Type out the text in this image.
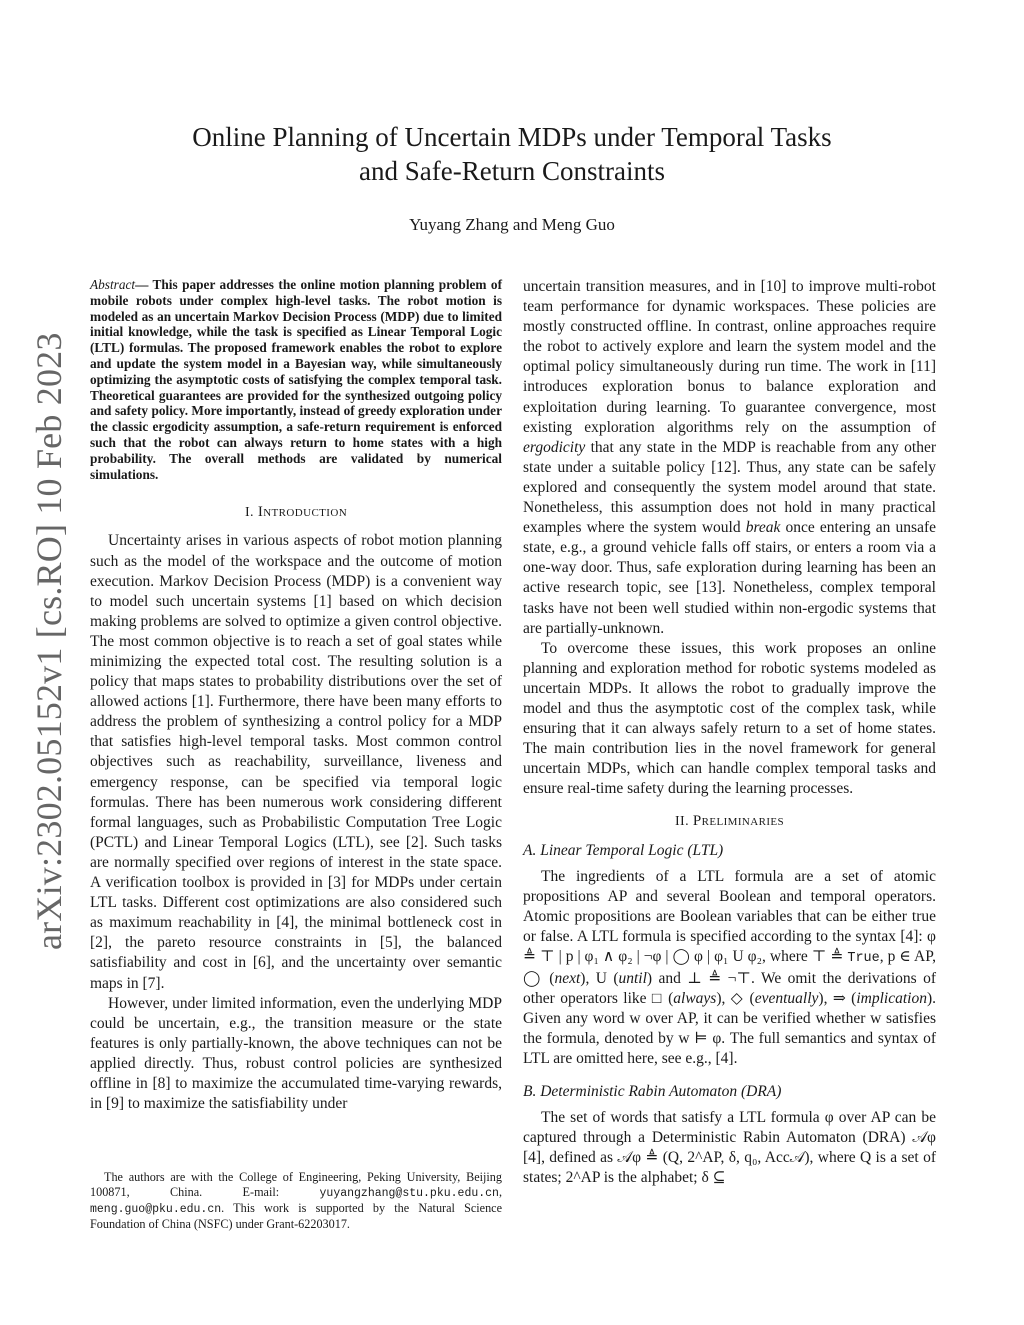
arXiv:2302.05152v1 [cs.RO] 10 Feb 2023
Online Planning of Uncertain MDPs under Temporal Tasks
and Safe-Return Constraints
Yuyang Zhang and Meng Guo

Abstract— This paper addresses the online motion planning problem of mobile robots under complex high-level tasks. The robot motion is modeled as an uncertain Markov Decision Process (MDP) due to limited initial knowledge, while the task is specified as Linear Temporal Logic (LTL) formulas. The proposed framework enables the robot to explore and update the system model in a Bayesian way, while simultaneously optimizing the asymptotic costs of satisfying the complex temporal task. Theoretical guarantees are provided for the synthesized outgoing policy and safety policy. More importantly, instead of greedy exploration under the classic ergodicity assumption, a safe-return requirement is enforced such that the robot can always return to home states with a high probability. The overall methods are validated by numerical simulations.

I. Introduction

Uncertainty arises in various aspects of robot motion planning such as the model of the workspace and the outcome of motion execution. Markov Decision Process (MDP) is a convenient way to model such uncertain systems [1] based on which decision making problems are solved to optimize a given control objective. The most common objective is to reach a set of goal states while minimizing the expected total cost. The resulting solution is a policy that maps states to probability distributions over the set of allowed actions [1]. Furthermore, there have been many efforts to address the problem of synthesizing a control policy for a MDP that satisfies high-level temporal tasks. Most common control objectives such as reachability, surveillance, liveness and emergency response, can be specified via temporal logic formulas. There has been numerous work considering different formal languages, such as Probabilistic Computation Tree Logic (PCTL) and Linear Temporal Logics (LTL), see [2]. Such tasks are normally specified over regions of interest in the state space. A verification toolbox is provided in [3] for MDPs under certain LTL tasks. Different cost optimizations are also considered such as maximum reachability in [4], the minimal bottleneck cost in [2], the pareto resource constraints in [5], the balanced satisfiability and cost in [6], and the uncertainty over semantic maps in [7].

However, under limited information, even the underlying MDP could be uncertain, e.g., the transition measure or the state features is only partially-known, the above techniques can not be applied directly. Thus, robust control policies are synthesized offline in [8] to maximize the accumulated time-varying rewards, in [9] to maximize the satisfiability under

uncertain transition measures, and in [10] to improve multi-robot team performance for dynamic workspaces. These policies are mostly constructed offline. In contrast, online approaches require the robot to actively explore and learn the system model and the optimal policy simultaneously during run time. The work in [11] introduces exploration bonus to balance exploration and exploitation during learning. To guarantee convergence, most existing exploration algorithms rely on the assumption of ergodicity that any state in the MDP is reachable from any other state under a suitable policy [12]. Thus, any state can be safely explored and consequently the system model around that state. Nonetheless, this assumption does not hold in many practical examples where the system would break once entering an unsafe state, e.g., a ground vehicle falls off stairs, or enters a room via a one-way door. Thus, safe exploration during learning has been an active research topic, see [13]. Nonetheless, complex temporal tasks have not been well studied within non-ergodic systems that are partially-unknown.

To overcome these issues, this work proposes an online planning and exploration method for robotic systems modeled as uncertain MDPs. It allows the robot to gradually improve the model and thus the asymptotic cost of the complex task, while ensuring that it can always safely return to a set of home states. The main contribution lies in the novel framework for general uncertain MDPs, which can handle complex temporal tasks and ensure real-time safety during the learning processes.

II. Preliminaries
A. Linear Temporal Logic (LTL)

The ingredients of a LTL formula are a set of atomic propositions AP and several Boolean and temporal operators. Atomic propositions are Boolean variables that can be either true or false. A LTL formula is specified according to the syntax [4]: φ ≜ ⊤ | p | φ₁ ∧ φ₂ | ¬φ | ◯ φ | φ₁ U φ₂, where ⊤ ≜ True, p ∈ AP, ◯ (next), U (until) and ⊥ ≜ ¬⊤. We omit the derivations of other operators like □ (always), ◇ (eventually), ⇒ (implication). Given any word w over AP, it can be verified whether w satisfies the formula, denoted by w ⊨ φ. The full semantics and syntax of LTL are omitted here, see e.g., [4].

B. Deterministic Rabin Automaton (DRA)

The set of words that satisfy a LTL formula φ over AP can be captured through a Deterministic Rabin Automaton (DRA) 𝒜φ [4], defined as 𝒜φ ≜ (Q, 2^AP, δ, q₀, Acc𝒜), where Q is a set of states; 2^AP is the alphabet; δ ⊆

The authors are with the College of Engineering, Peking University, Beijing 100871, China. E-mail: yuyangzhang@stu.pku.edu.cn, meng.guo@pku.edu.cn. This work is supported by the Natural Science Foundation of China (NSFC) under Grant-62203017.
